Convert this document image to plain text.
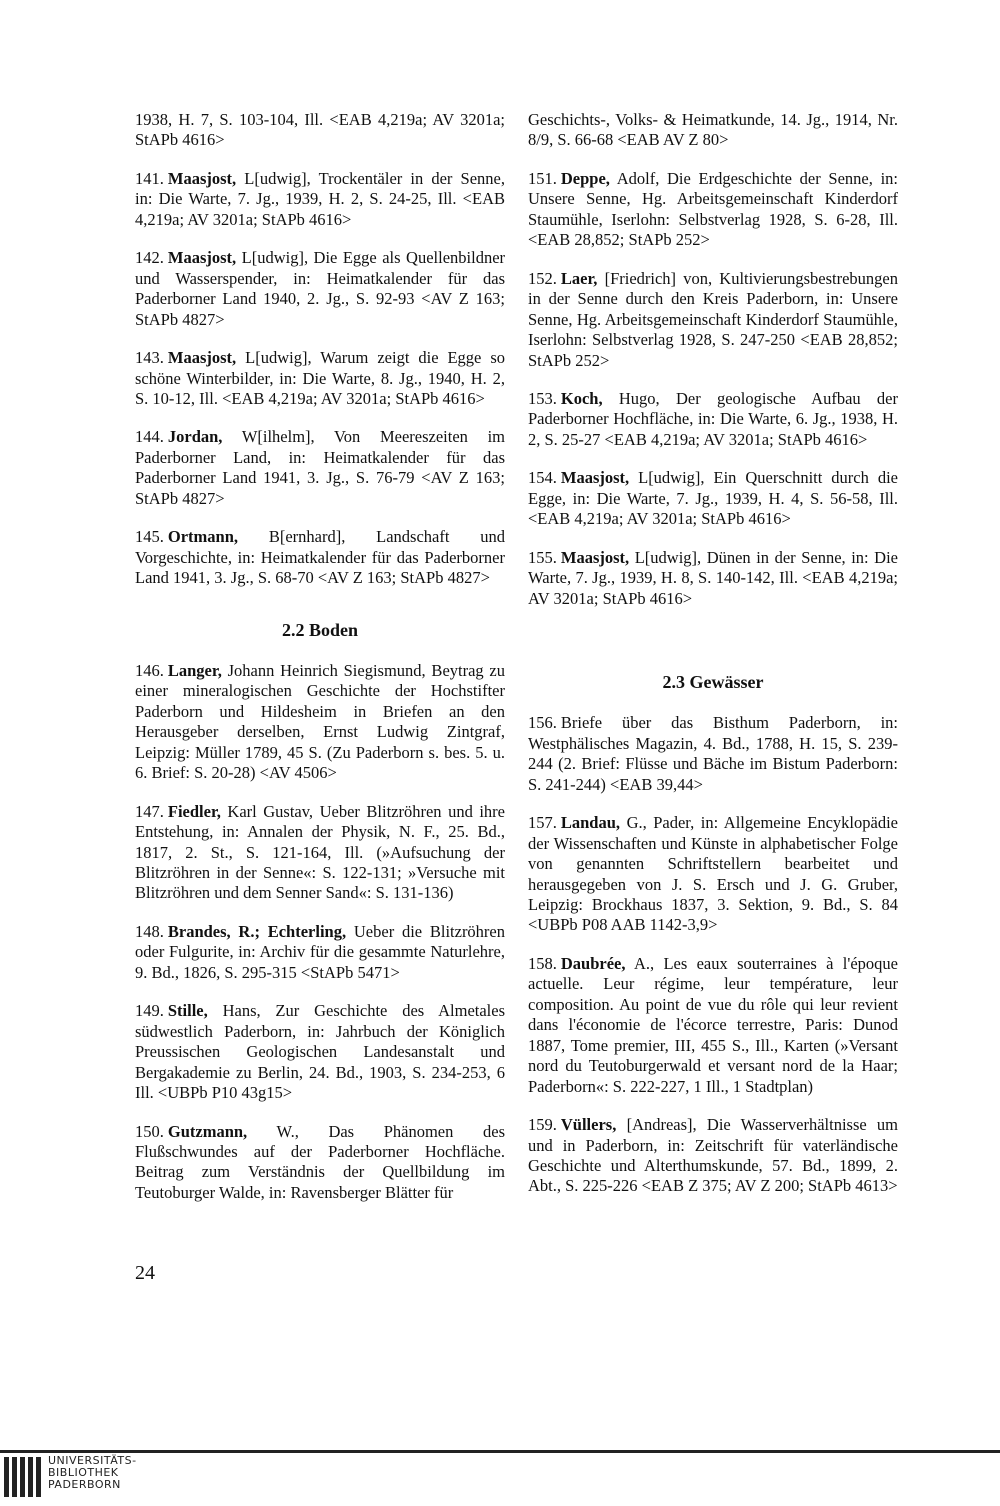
1938, H. 7, S. 103-104, Ill. <EAB 4,219a; AV 3201a; StAPb 4616>
141. Maasjost, L[udwig], Trockentäler in der Senne, in: Die Warte, 7. Jg., 1939, H. 2, S. 24-25, Ill. <EAB 4,219a; AV 3201a; StAPb 4616>
142. Maasjost, L[udwig], Die Egge als Quellenbildner und Wasserspender, in: Heimatkalender für das Paderborner Land 1940, 2. Jg., S. 92-93 <AV Z 163; StAPb 4827>
143. Maasjost, L[udwig], Warum zeigt die Egge so schöne Winterbilder, in: Die Warte, 8. Jg., 1940, H. 2, S. 10-12, Ill. <EAB 4,219a; AV 3201a; StAPb 4616>
144. Jordan, W[ilhelm], Von Meereszeiten im Paderborner Land, in: Heimatkalender für das Paderborner Land 1941, 3. Jg., S. 76-79 <AV Z 163; StAPb 4827>
145. Ortmann, B[ernhard], Landschaft und Vorgeschichte, in: Heimatkalender für das Paderborner Land 1941, 3. Jg., S. 68-70 <AV Z 163; StAPb 4827>
2.2 Boden
146. Langer, Johann Heinrich Siegismund, Beytrag zu einer mineralogischen Geschichte der Hochstifter Paderborn und Hildesheim in Briefen an den Herausgeber derselben, Ernst Ludwig Zintgraf, Leipzig: Müller 1789, 45 S. (Zu Paderborn s. bes. 5. u. 6. Brief: S. 20-28) <AV 4506>
147. Fiedler, Karl Gustav, Ueber Blitzröhren und ihre Entstehung, in: Annalen der Physik, N. F., 25. Bd., 1817, 2. St., S. 121-164, Ill. (»Aufsuchung der Blitzröhren in der Senne«: S. 122-131; »Versuche mit Blitzröhren und dem Senner Sand«: S. 131-136)
148. Brandes, R.; Echterling, Ueber die Blitzröhren oder Fulgurite, in: Archiv für die gesammte Naturlehre, 9. Bd., 1826, S. 295-315 <StAPb 5471>
149. Stille, Hans, Zur Geschichte des Almetales südwestlich Paderborn, in: Jahrbuch der Königlich Preussischen Geologischen Landesanstalt und Bergakademie zu Berlin, 24. Bd., 1903, S. 234-253, 6 Ill. <UBPb P10 43g15>
150. Gutzmann, W., Das Phänomen des Flußschwundes auf der Paderborner Hochfläche. Beitrag zum Verständnis der Quellbildung im Teutoburger Walde, in: Ravensberger Blätter für
Geschichts-, Volks- & Heimatkunde, 14. Jg., 1914, Nr. 8/9, S. 66-68 <EAB AV Z 80>
151. Deppe, Adolf, Die Erdgeschichte der Senne, in: Unsere Senne, Hg. Arbeitsgemeinschaft Kinderdorf Staumühle, Iserlohn: Selbstverlag 1928, S. 6-28, Ill. <EAB 28,852; StAPb 252>
152. Laer, [Friedrich] von, Kultivierungsbestrebungen in der Senne durch den Kreis Paderborn, in: Unsere Senne, Hg. Arbeitsgemeinschaft Kinderdorf Staumühle, Iserlohn: Selbstverlag 1928, S. 247-250 <EAB 28,852; StAPb 252>
153. Koch, Hugo, Der geologische Aufbau der Paderborner Hochfläche, in: Die Warte, 6. Jg., 1938, H. 2, S. 25-27 <EAB 4,219a; AV 3201a; StAPb 4616>
154. Maasjost, L[udwig], Ein Querschnitt durch die Egge, in: Die Warte, 7. Jg., 1939, H. 4, S. 56-58, Ill. <EAB 4,219a; AV 3201a; StAPb 4616>
155. Maasjost, L[udwig], Dünen in der Senne, in: Die Warte, 7. Jg., 1939, H. 8, S. 140-142, Ill. <EAB 4,219a; AV 3201a; StAPb 4616>
2.3 Gewässer
156. Briefe über das Bisthum Paderborn, in: Westphälisches Magazin, 4. Bd., 1788, H. 15, S. 239-244 (2. Brief: Flüsse und Bäche im Bistum Paderborn: S. 241-244) <EAB 39,44>
157. Landau, G., Pader, in: Allgemeine Encyklopädie der Wissenschaften und Künste in alphabetischer Folge von genannten Schriftstellern bearbeitet und herausgegeben von J. S. Ersch und J. G. Gruber, Leipzig: Brockhaus 1837, 3. Sektion, 9. Bd., S. 84 <UBPb P08 AAB 1142-3,9>
158. Daubrée, A., Les eaux souterraines à l'époque actuelle. Leur régime, leur température, leur composition. Au point de vue du rôle qui leur revient dans l'économie de l'écorce terrestre, Paris: Dunod 1887, Tome premier, III, 455 S., Ill., Karten (»Versant nord du Teutoburgerwald et versant nord de la Haar; Paderborn«: S. 222-227, 1 Ill., 1 Stadtplan)
159. Vüllers, [Andreas], Die Wasserverhältnisse um und in Paderborn, in: Zeitschrift für vaterländische Geschichte und Alterthumskunde, 57. Bd., 1899, 2. Abt., S. 225-226 <EAB Z 375; AV Z 200; StAPb 4613>
24
UNIVERSITÄTS-
BIBLIOTHEK
PADERBORN
